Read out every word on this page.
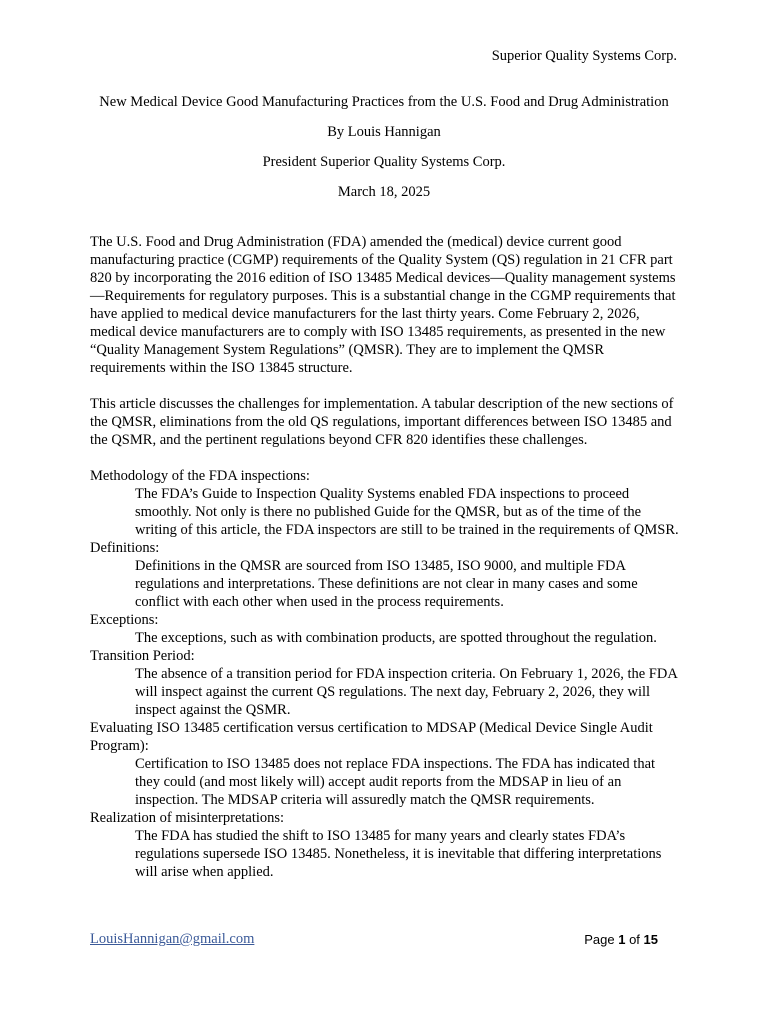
Superior Quality Systems Corp.

New Medical Device Good Manufacturing Practices from the U.S. Food and Drug Administration

By Louis Hannigan

President Superior Quality Systems Corp.

March 18, 2025

The U.S. Food and Drug Administration (FDA) amended the (medical) device current good manufacturing practice (CGMP) requirements of the Quality System (QS) regulation in 21 CFR part 820 by incorporating the 2016 edition of ISO 13485 Medical devices—Quality management systems—Requirements for regulatory purposes. This is a substantial change in the CGMP requirements that have applied to medical device manufacturers for the last thirty years. Come February 2, 2026, medical device manufacturers are to comply with ISO 13485 requirements, as presented in the new “Quality Management System Regulations” (QMSR). They are to implement the QMSR requirements within the ISO 13845 structure.

This article discusses the challenges for implementation. A tabular description of the new sections of the QMSR, eliminations from the old QS regulations, important differences between ISO 13485 and the QSMR, and the pertinent regulations beyond CFR 820 identifies these challenges.

Methodology of the FDA inspections:

The FDA’s Guide to Inspection Quality Systems enabled FDA inspections to proceed smoothly. Not only is there no published Guide for the QMSR, but as of the time of the writing of this article, the FDA inspectors are still to be trained in the requirements of QMSR.

Definitions:

Definitions in the QMSR are sourced from ISO 13485, ISO 9000, and multiple FDA regulations and interpretations. These definitions are not clear in many cases and some conflict with each other when used in the process requirements.

Exceptions:

The exceptions, such as with combination products, are spotted throughout the regulation.

Transition Period:

The absence of a transition period for FDA inspection criteria. On February 1, 2026, the FDA will inspect against the current QS regulations. The next day, February 2, 2026, they will inspect against the QSMR.

Evaluating ISO 13485 certification versus certification to MDSAP (Medical Device Single Audit Program):

Certification to ISO 13485 does not replace FDA inspections. The FDA has indicated that they could (and most likely will) accept audit reports from the MDSAP in lieu of an inspection. The MDSAP criteria will assuredly match the QMSR requirements.

Realization of misinterpretations:

The FDA has studied the shift to ISO 13485 for many years and clearly states FDA’s regulations supersede ISO 13485. Nonetheless, it is inevitable that differing interpretations will arise when applied.

LouisHannigan@gmail.com	Page 1 of 15
